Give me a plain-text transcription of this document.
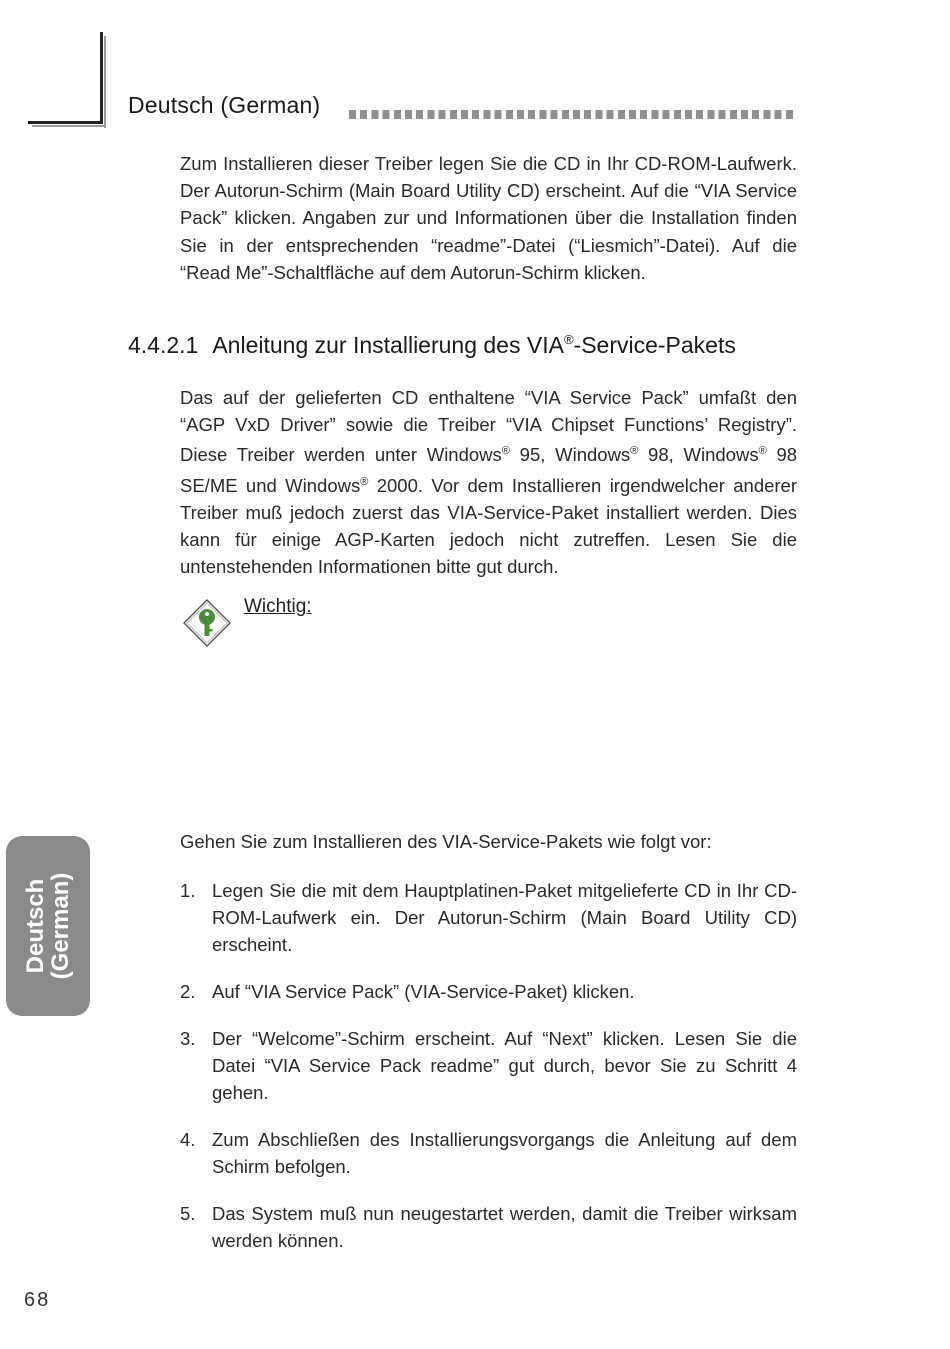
Deutsch (German)

Zum Installieren dieser Treiber legen Sie die CD in Ihr CD-ROM-Laufwerk. Der Autorun-Schirm (Main Board Utility CD) erscheint. Auf die “VIA Service Pack” klicken. Angaben zur und Informationen über die Installation finden Sie in der entsprechenden “readme”-Datei (“Liesmich”-Datei). Auf die “Read Me”-Schaltfläche auf dem Autorun-Schirm klicken.

4.4.2.1 Anleitung zur Installierung des VIA®-Service-Pakets

Das auf der gelieferten CD enthaltene “VIA Service Pack” umfaßt den “AGP VxD Driver” sowie die Treiber “VIA Chipset Functions’ Registry”. Diese Treiber werden unter Windows® 95, Windows® 98, Windows® 98 SE/ME und Windows® 2000. Vor dem Installieren irgendwelcher anderer Treiber muß jedoch zuerst das VIA-Service-Paket installiert werden. Dies kann für einige AGP-Karten jedoch nicht zutreffen. Lesen Sie die untenstehenden Informationen bitte gut durch.

Wichtig:
Gehen Sie zum Installieren des VIA-Service-Pakets wie folgt vor:
1. Legen Sie die mit dem Hauptplatinen-Paket mitgelieferte CD in Ihr CD-ROM-Laufwerk ein. Der Autorun-Schirm (Main Board Utility CD) erscheint.
2. Auf “VIA Service Pack” (VIA-Service-Paket) klicken.
3. Der “Welcome”-Schirm erscheint. Auf “Next” klicken. Lesen Sie die Datei “VIA Service Pack readme” gut durch, bevor Sie zu Schritt 4 gehen.
4. Zum Abschließen des Installierungsvorgangs die Anleitung auf dem Schirm befolgen.
5. Das System muß nun neugestartet werden, damit die Treiber wirksam werden können.
Deutsch
(German)
68
